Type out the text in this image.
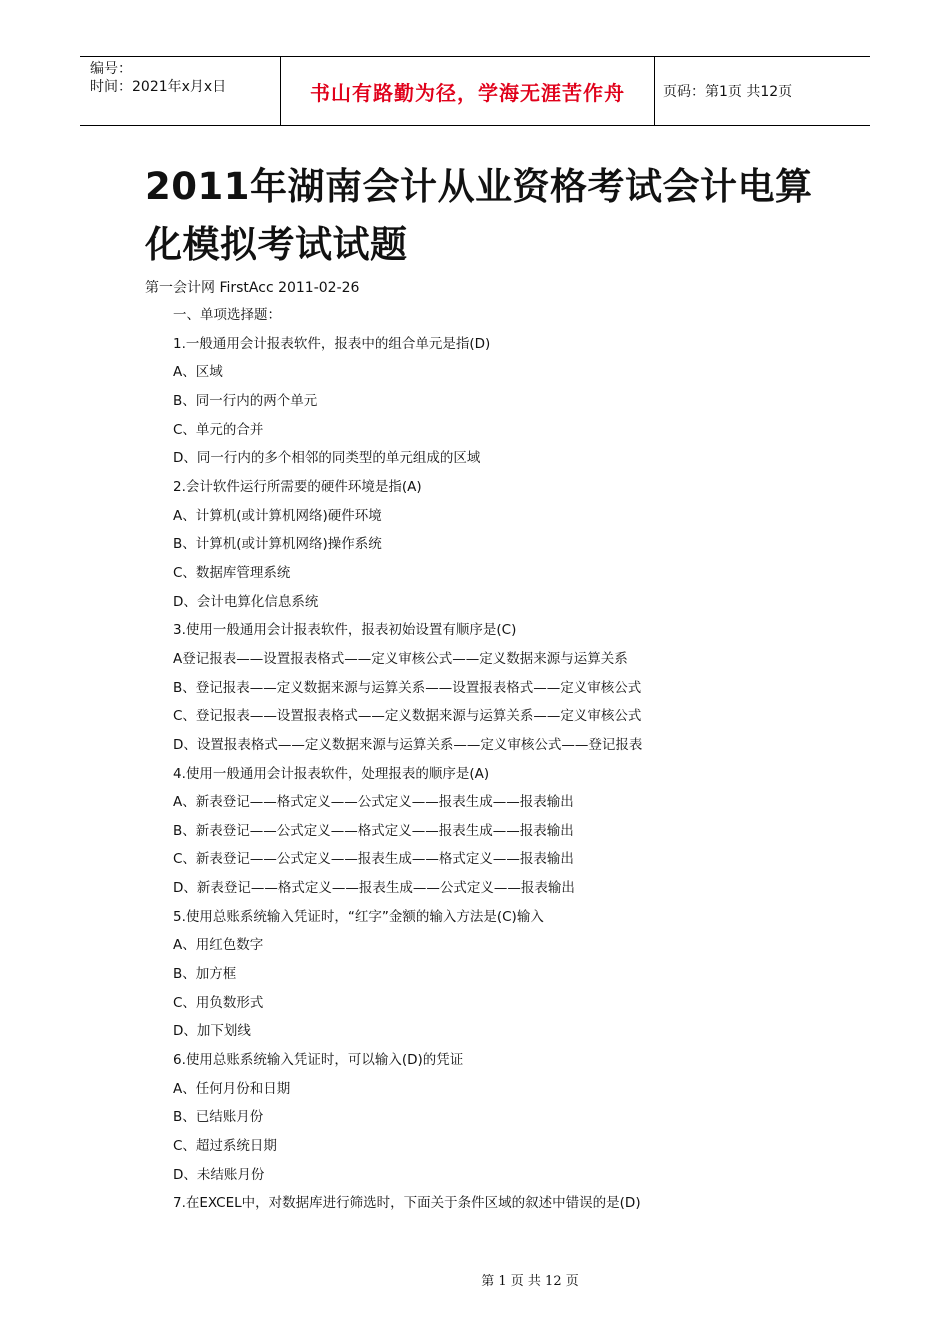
编号：
时间：2021年x月x日	书山有路勤为径，学海无涯苦作舟	页码：第1页 共12页
2011年湖南会计从业资格考试会计电算化模拟考试试题
第一会计网 FirstAcc 2011-02-26
一、单项选择题：
1.一般通用会计报表软件，报表中的组合单元是指(D)
A、区域
B、同一行内的两个单元
C、单元的合并
D、同一行内的多个相邻的同类型的单元组成的区域
2.会计软件运行所需要的硬件环境是指(A)
A、计算机(或计算机网络)硬件环境
B、计算机(或计算机网络)操作系统
C、数据库管理系统
D、会计电算化信息系统
3.使用一般通用会计报表软件，报表初始设置有顺序是(C)
A登记报表——设置报表格式——定义审核公式——定义数据来源与运算关系
B、登记报表——定义数据来源与运算关系——设置报表格式——定义审核公式
C、登记报表——设置报表格式——定义数据来源与运算关系——定义审核公式
D、设置报表格式——定义数据来源与运算关系——定义审核公式——登记报表
4.使用一般通用会计报表软件，处理报表的顺序是(A)
A、新表登记——格式定义——公式定义——报表生成——报表输出
B、新表登记——公式定义——格式定义——报表生成——报表输出
C、新表登记——公式定义——报表生成——格式定义——报表输出
D、新表登记——格式定义——报表生成——公式定义——报表输出
5.使用总账系统输入凭证时，“红字”金额的输入方法是(C)输入
A、用红色数字
B、加方框
C、用负数形式
D、加下划线
6.使用总账系统输入凭证时，可以输入(D)的凭证
A、任何月份和日期
B、已结账月份
C、超过系统日期
D、未结账月份
7.在EXCEL中，对数据库进行筛选时，下面关于条件区域的叙述中错误的是(D)
第 1 页 共 12 页
